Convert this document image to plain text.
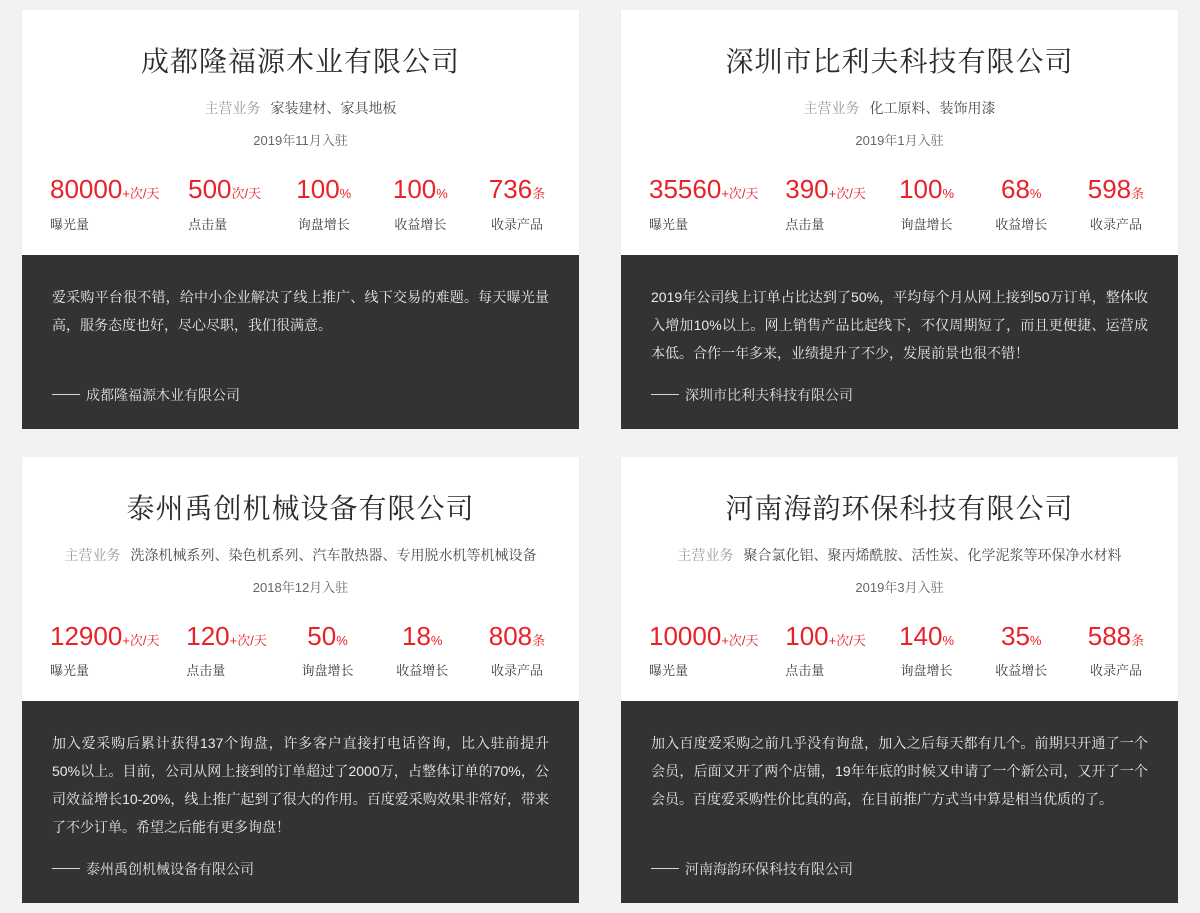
成都隆福源木业有限公司
主营业务 家装建材、家具地板
2019年11月入驻
80000+次/天
曝光量
500次/天
点击量
100%
询盘增长
100%
收益增长
736条
收录产品

爱采购平台很不错，给中小企业解决了线上推广、线下交易的难题。每天曝光量高，服务态度也好，尽心尽职，我们很满意。

—— 成都隆福源木业有限公司
深圳市比利夫科技有限公司
主营业务 化工原料、装饰用漆
2019年1月入驻
35560+次/天
曝光量
390+次/天
点击量
100%
询盘增长
68%
收益增长
598条
收录产品

2019年公司线上订单占比达到了50%，平均每个月从网上接到50万订单，整体收入增加10%以上。网上销售产品比起线下，不仅周期短了，而且更便捷、运营成本低。合作一年多来，业绩提升了不少，发展前景也很不错！

—— 深圳市比利夫科技有限公司
泰州禹创机械设备有限公司
主营业务 洗涤机械系列、染色机系列、汽车散热器、专用脱水机等机械设备
2018年12月入驻
12900+次/天
曝光量
120+次/天
点击量
50%
询盘增长
18%
收益增长
808条
收录产品

加入爱采购后累计获得137个询盘，许多客户直接打电话咨询，比入驻前提升50%以上。目前，公司从网上接到的订单超过了2000万，占整体订单的70%，公司效益增长10-20%，线上推广起到了很大的作用。百度爱采购效果非常好，带来了不少订单。希望之后能有更多询盘！

—— 泰州禹创机械设备有限公司
河南海韵环保科技有限公司
主营业务 聚合氯化铝、聚丙烯酰胺、活性炭、化学泥浆等环保净水材料
2019年3月入驻
10000+次/天
曝光量
100+次/天
点击量
140%
询盘增长
35%
收益增长
588条
收录产品

加入百度爱采购之前几乎没有询盘，加入之后每天都有几个。前期只开通了一个会员，后面又开了两个店铺，19年年底的时候又申请了一个新公司，又开了一个会员。百度爱采购性价比真的高，在目前推广方式当中算是相当优质的了。

—— 河南海韵环保科技有限公司
